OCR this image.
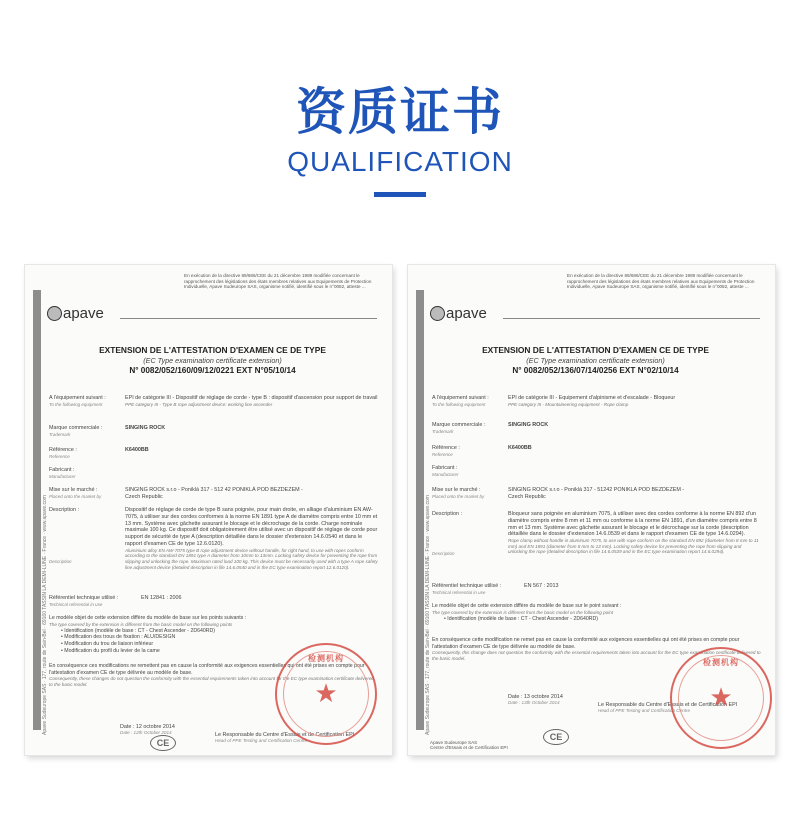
资质证书
QUALIFICATION
Apave Sudeurope SAS · 177, route de Sain-Bel · 69160 TASSIN LA DEMI-LUNE · France · www.apave.com
En exécution de la directive 89/686/CEE du 21 décembre 1989 modifiée concernant le rapprochement des législations des états membres relatives aux Equipements de Protection Individuelle, Apave Sudeurope SAS, organisme notifié, identifié sous le n°0082, atteste ...
apave
EXTENSION DE L'ATTESTATION D'EXAMEN CE DE TYPE
(EC Type examination certificate extension)
N° 0082/052/160/09/12/0221 EXT N°05/10/14
A l'équipement suivant :
To the following equipment
EPI de catégorie III - Dispositif de réglage de corde - type B : dispositif d'ascension pour support de travail
PPE category III - Type B rope adjustment device: working line ascender
Marque commerciale :
Trademark
SINGING ROCK
Référence :
Reference
K6400BB
Fabricant :
Manufacturer
Mise sur le marché :
Placed onto the market by
SINGING ROCK s.r.o - Poniklá 317 - 512 42 PONIKLÁ POD BEZDEZEM -
Czech Republic
Description :	Dispositif de réglage de corde de type B sans poignée, pour main droite, en alliage d'aluminium EN AW-7075, à utiliser sur des cordes conformes à la norme EN 1891 type A de diamètre compris entre 10 mm et 13 mm. Système avec gâchette assurant le blocage et le décrochage de la corde. Charge nominale maximale 100 kg. Ce dispositif doit obligatoirement être utilisé avec un dispositif de réglage de corde pour support de sécurité de type A (description détaillée dans le dossier d'extension 14.6.0540 et dans le rapport d'examen CE de type 12.6.0120).
Description
Aluminium alloy EN AW-7075 type B rope adjustment device without handle, for right hand, to use with ropes conform according to the standard EN 1891 type A diameter from 10mm to 13mm. Locking safety device for preventing the rope from slipping and unlocking the rope. Maximum rated load 100 kg. This device must be necessarily used with a type A rope safety line adjustment device (detailed description in file 14.6.0540 and in the EC type examination report 12.6.0120).
Référentiel technique utilisé :
Technical referential in use
EN 12841 : 2006
Le modèle objet de cette extension diffère du modèle de base sur les points suivants :
The type covered by the extension is different from the basic model on the following points
• Identification (modèle de base : CT - Chest Ascender - 2D640RD)
• Modification des trous de fixation : ALU/DESIGN
• Modification du trou de liaison inférieur
• Modification du profil du levier de la came
En conséquence ces modifications ne remettent pas en cause la conformité aux exigences essentielles qui ont été prises en compte pour l'attestation d'examen CE de type délivrée au modèle de base.
Consequently, these changes do not question the conformity with the essential requirements taken into account for the EC type examination certificate delivered to the basic model.
Date : 12 octobre 2014
Date : 12th October 2014	Le Responsable du Centre d'Essais et de Certification EPI
Head of PPE Testing and Certification Centre
CE
检测机构
★	Apave Sudeurope SAS · 177, route de Sain-Bel · 69160 TASSIN LA DEMI-LUNE · France · www.apave.com
En exécution de la directive 89/686/CEE du 21 décembre 1989 modifiée concernant le rapprochement des législations des états membres relatives aux Equipements de Protection Individuelle, Apave Sudeurope SAS, organisme notifié, identifié sous le n°0082, atteste ...
apave
EXTENSION DE L'ATTESTATION D'EXAMEN CE DE TYPE
(EC Type examination certificate extension)
N° 0082/052/136/07/14/0256 EXT N°02/10/14
A l'équipement suivant :
To the following equipment
EPI de catégorie III - Equipement d'alpinisme et d'escalade - Bloqueur
PPE category III - Mountaineering equipment - Rope clamp
Marque commerciale :
Trademark
SINGING ROCK
Référence :
Reference
K6400BB
Fabricant :
Manufacturer
Mise sur le marché :
Placed onto the market by
SINGING ROCK s.r.o - Poniklá 317 - 51242 PONIKLA POD BEZDEZEM -
Czech Republic
Description :	Bloqueur sans poignée en aluminium 7075, à utiliser avec des cordes conforme à la norme EN 892 d'un diamètre compris entre 8 mm et 11 mm ou conforme à la norme EN 1891, d'un diamètre compris entre 8 mm et 13 mm. Système avec gâchette assurant le blocage et le décrochage sur la corde (description détaillée dans le dossier d'extension 14.6.0539 et dans le rapport d'examen CE de type 14.6.0294).
Description
Rope clamp without handle in aluminum 7075, to use with rope conform on the standard EN 892 (diameter from 8 mm to 11 mm) and EN 1891 (diameter from 8 mm to 13 mm). Locking safety device for preventing the rope from slipping and unlocking the rope (detailed description in file 14.6.0539 and in the EC type examination report 14.6.0294).
Référentiel technique utilisé :
Technical referential in use
EN 567 : 2013
Le modèle objet de cette extension diffère du modèle de base sur le point suivant :
The type covered by the extension is different from the basic model on the following point
• Identification (modèle de base : CT - Chest Ascender - 2D640RD)
En conséquence cette modification ne remet pas en cause la conformité aux exigences essentielles qui ont été prises en compte pour l'attestation d'examen CE de type délivrée au modèle de base.
Consequently, this change does not question the conformity with the essential requirements taken into account for the EC type examination certificate delivered to the basic model.
Date : 13 octobre 2014
Date : 13th October 2014	Le Responsable du Centre d'Essais et de Certification EPI
Head of PPE Testing and Certification Centre
Apave Sudeurope SAS
Centre d'Essais et de Certification EPI
CE
检测机构
★
